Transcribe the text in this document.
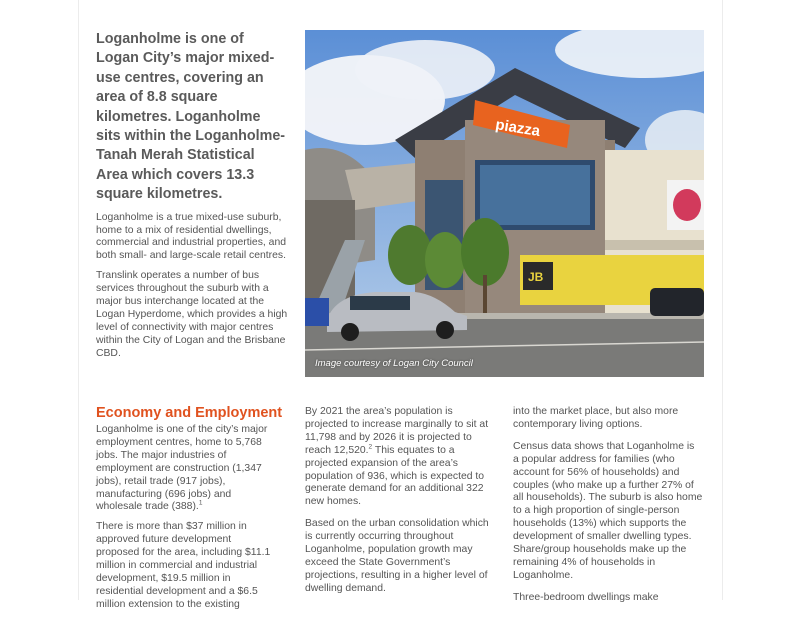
Loganholme is one of Logan City’s major mixed-use centres, covering an area of 8.8 square kilometres. Loganholme sits within the Loganholme-Tanah Merah Statistical Area which covers 13.3 square kilometres.

Loganholme is a true mixed-use suburb, home to a mix of residential dwellings, commercial and industrial properties, and both small- and large-scale retail centres.

Translink operates a number of bus services throughout the suburb with a major bus interchange located at the Logan Hyperdome, which provides a high level of connectivity with major centres within the City of Logan and the Brisbane CBD.

Economy and Employment

Loganholme is one of the city’s major employment centres, home to 5,768 jobs. The major industries of employment are construction (1,347 jobs), retail trade (917 jobs), manufacturing (696 jobs) and wholesale trade (388).$^1$

There is more than $37 million in approved future development proposed for the area, including $11.1 million in commercial and industrial development, $19.5 million in residential development and a $6.5 million extension to the existing

piazza
JB
Image courtesy of Logan City Council

By 2021 the area’s population is projected to increase marginally to sit at 11,798 and by 2026 it is projected to reach 12,520.$^2$ This equates to a projected expansion of the area’s population of 936, which is expected to generate demand for an additional 322 new homes.

Based on the urban consolidation which is currently occurring throughout Loganholme, population growth may exceed the State Government’s projections, resulting in a higher level of dwelling demand.

into the market place, but also more contemporary living options.

Census data shows that Loganholme is a popular address for families (who account for 56% of households) and couples (who make up a further 27% of all households). The suburb is also home to a high proportion of single-person households (13%) which supports the development of smaller dwelling types. Share/group households make up the remaining 4% of households in Loganholme.

Three-bedroom dwellings make
